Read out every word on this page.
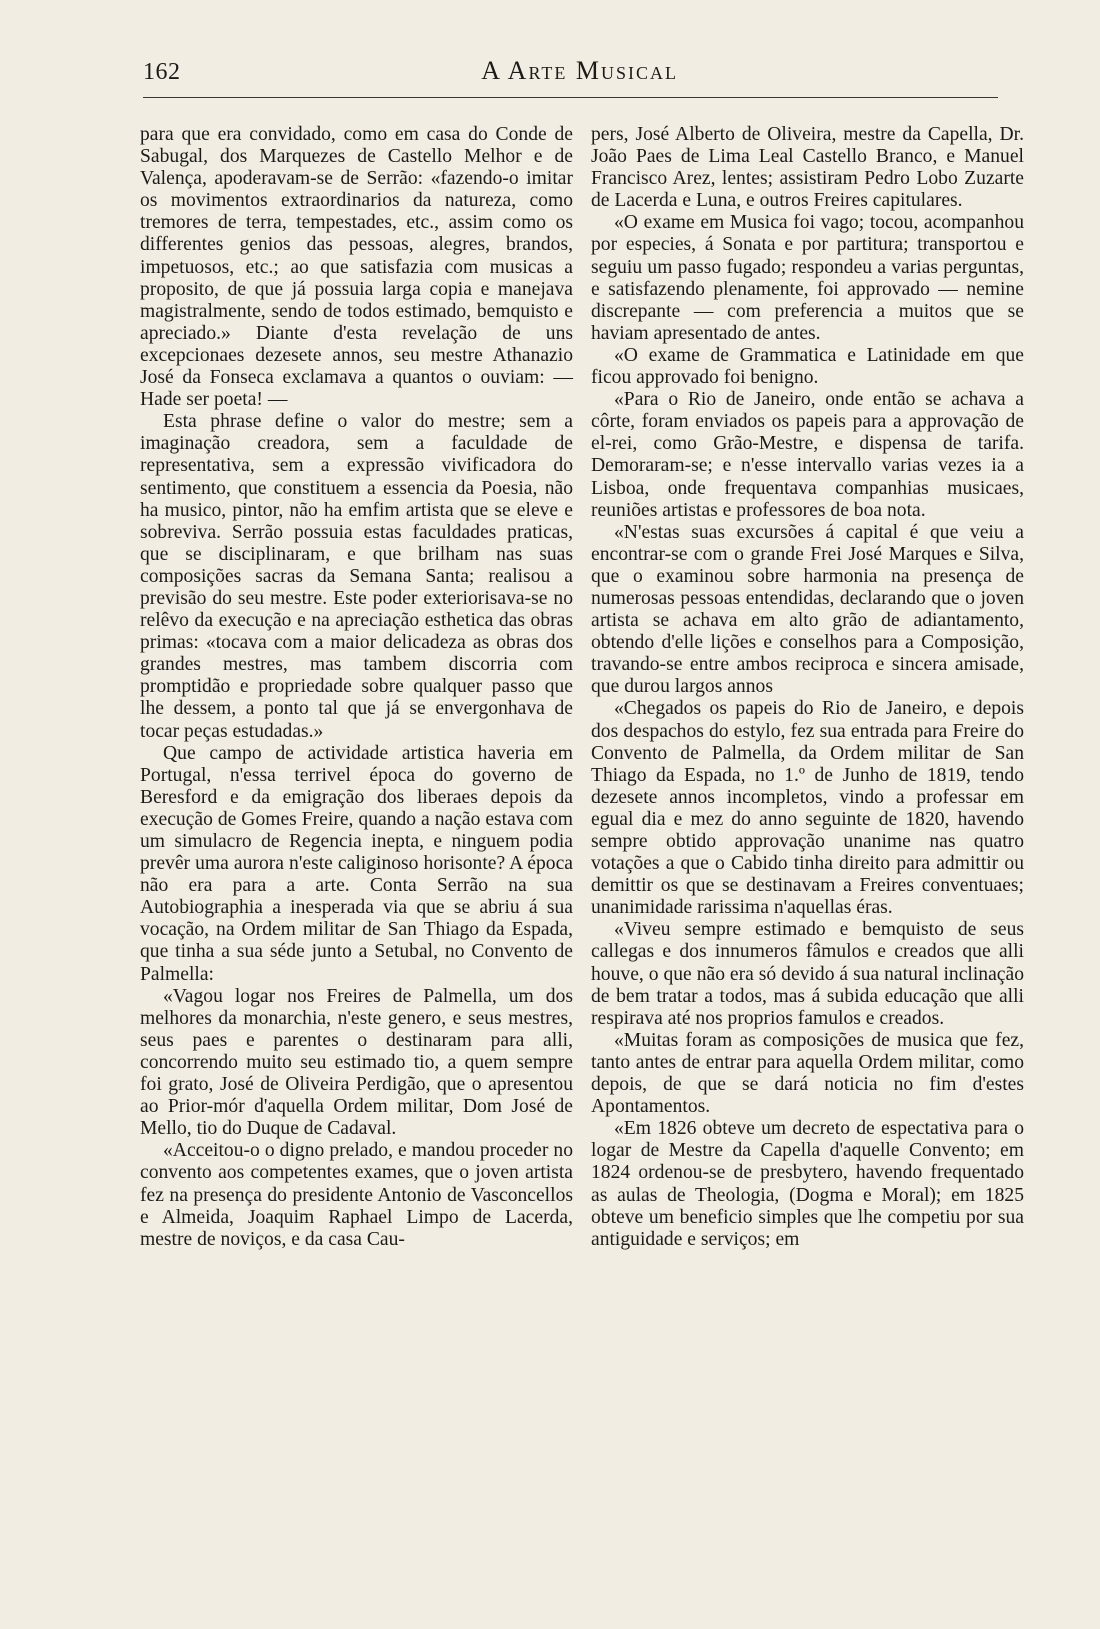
162	A Arte Musical

para que era convidado, como em casa do Conde de Sabugal, dos Marquezes de Castello Melhor e de Valença, apoderavam-se de Serrão: «fazendo-o imitar os movimentos extraordinarios da natureza, como tremores de terra, tempestades, etc., assim como os differentes genios das pessoas, alegres, brandos, impetuosos, etc.; ao que satisfazia com musicas a proposito, de que já possuia larga copia e manejava magistralmente, sendo de todos estimado, bemquisto e apreciado.» Diante d'esta revelação de uns excepcionaes dezesete annos, seu mestre Athanazio José da Fonseca exclamava a quantos o ouviam: — Hade ser poeta! —

Esta phrase define o valor do mestre; sem a imaginação creadora, sem a faculdade de representativa, sem a expressão vivificadora do sentimento, que constituem a essencia da Poesia, não ha musico, pintor, não ha emfim artista que se eleve e sobreviva. Serrão possuia estas faculdades praticas, que se disciplinaram, e que brilham nas suas composições sacras da Semana Santa; realisou a previsão do seu mestre. Este poder exteriorisava-se no relêvo da execução e na apreciação esthetica das obras primas: «tocava com a maior delicadeza as obras dos grandes mestres, mas tambem discorria com promptidão e propriedade sobre qualquer passo que lhe dessem, a ponto tal que já se envergonhava de tocar peças estudadas.»

Que campo de actividade artistica haveria em Portugal, n'essa terrivel época do governo de Beresford e da emigração dos liberaes depois da execução de Gomes Freire, quando a nação estava com um simulacro de Regencia inepta, e ninguem podia prevêr uma aurora n'este caliginoso horisonte? A época não era para a arte. Conta Serrão na sua Autobiographia a inesperada via que se abriu á sua vocação, na Ordem militar de San Thiago da Espada, que tinha a sua séde junto a Setubal, no Convento de Palmella:

«Vagou logar nos Freires de Palmella, um dos melhores da monarchia, n'este genero, e seus mestres, seus paes e parentes o destinaram para alli, concorrendo muito seu estimado tio, a quem sempre foi grato, José de Oliveira Perdigão, que o apresentou ao Prior-mór d'aquella Ordem militar, Dom José de Mello, tio do Duque de Cadaval.

«Acceitou-o o digno prelado, e mandou proceder no convento aos competentes exames, que o joven artista fez na presença do presidente Antonio de Vasconcellos e Almeida, Joaquim Raphael Limpo de Lacerda, mestre de noviços, e da casa Cau-

pers, José Alberto de Oliveira, mestre da Capella, Dr. João Paes de Lima Leal Castello Branco, e Manuel Francisco Arez, lentes; assistiram Pedro Lobo Zuzarte de Lacerda e Luna, e outros Freires capitulares.

«O exame em Musica foi vago; tocou, acompanhou por especies, á Sonata e por partitura; transportou e seguiu um passo fugado; respondeu a varias perguntas, e satisfazendo plenamente, foi approvado — nemine discrepante — com preferencia a muitos que se haviam apresentado de antes.

«O exame de Grammatica e Latinidade em que ficou approvado foi benigno.

«Para o Rio de Janeiro, onde então se achava a côrte, foram enviados os papeis para a approvação de el-rei, como Grão-Mestre, e dispensa de tarifa. Demoraram-se; e n'esse intervallo varias vezes ia a Lisboa, onde frequentava companhias musicaes, reuniões artistas e professores de boa nota.

«N'estas suas excursões á capital é que veiu a encontrar-se com o grande Frei José Marques e Silva, que o examinou sobre harmonia na presença de numerosas pessoas entendidas, declarando que o joven artista se achava em alto grão de adiantamento, obtendo d'elle lições e conselhos para a Composição, travando-se entre ambos reciproca e sincera amisade, que durou largos annos

«Chegados os papeis do Rio de Janeiro, e depois dos despachos do estylo, fez sua entrada para Freire do Convento de Palmella, da Ordem militar de San Thiago da Espada, no 1.º de Junho de 1819, tendo dezesete annos incompletos, vindo a professar em egual dia e mez do anno seguinte de 1820, havendo sempre obtido approvação unanime nas quatro votações a que o Cabido tinha direito para admittir ou demittir os que se destinavam a Freires conventuaes; unanimidade rarissima n'aquellas éras.

«Viveu sempre estimado e bemquisto de seus callegas e dos innumeros fâmulos e creados que alli houve, o que não era só devido á sua natural inclinação de bem tratar a todos, mas á subida educação que alli respirava até nos proprios famulos e creados.

«Muitas foram as composições de musica que fez, tanto antes de entrar para aquella Ordem militar, como depois, de que se dará noticia no fim d'estes Apontamentos.

«Em 1826 obteve um decreto de espectativa para o logar de Mestre da Capella d'aquelle Convento; em 1824 ordenou-se de presbytero, havendo frequentado as aulas de Theologia, (Dogma e Moral); em 1825 obteve um beneficio simples que lhe competiu por sua antiguidade e serviços; em
